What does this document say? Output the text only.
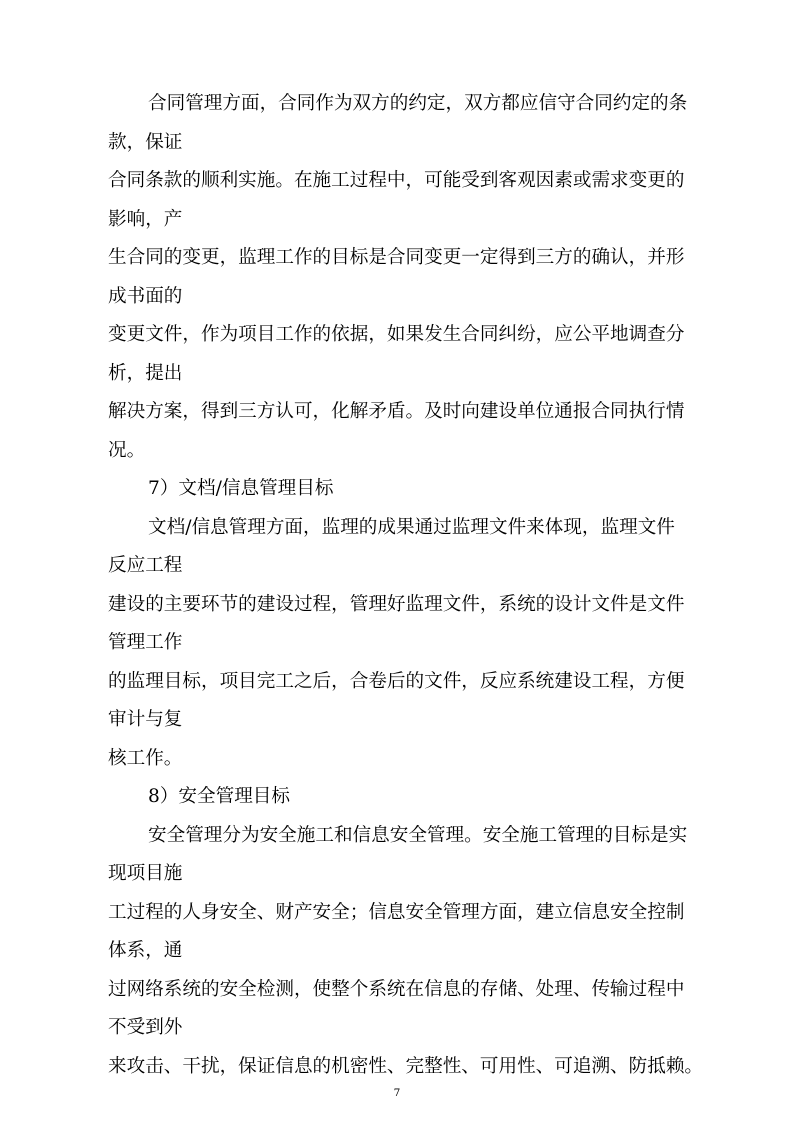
合同管理方面，合同作为双方的约定，双方都应信守合同约定的条
款，保证
合同条款的顺利实施。在施工过程中，可能受到客观因素或需求变更的
影响，产
生合同的变更，监理工作的目标是合同变更一定得到三方的确认，并形
成书面的
变更文件，作为项目工作的依据，如果发生合同纠纷，应公平地调查分
析，提出
解决方案，得到三方认可，化解矛盾。及时向建设单位通报合同执行情
况。
7）文档/信息管理目标
文档/信息管理方面，监理的成果通过监理文件来体现，监理文件
反应工程
建设的主要环节的建设过程，管理好监理文件，系统的设计文件是文件
管理工作
的监理目标，项目完工之后，合卷后的文件，反应系统建设工程，方便
审计与复
核工作。
8）安全管理目标
安全管理分为安全施工和信息安全管理。安全施工管理的目标是实
现项目施
工过程的人身安全、财产安全；信息安全管理方面，建立信息安全控制
体系，通
过网络系统的安全检测，使整个系统在信息的存储、处理、传输过程中
不受到外
来攻击、干扰，保证信息的机密性、完整性、可用性、可追溯、防抵赖。
7
